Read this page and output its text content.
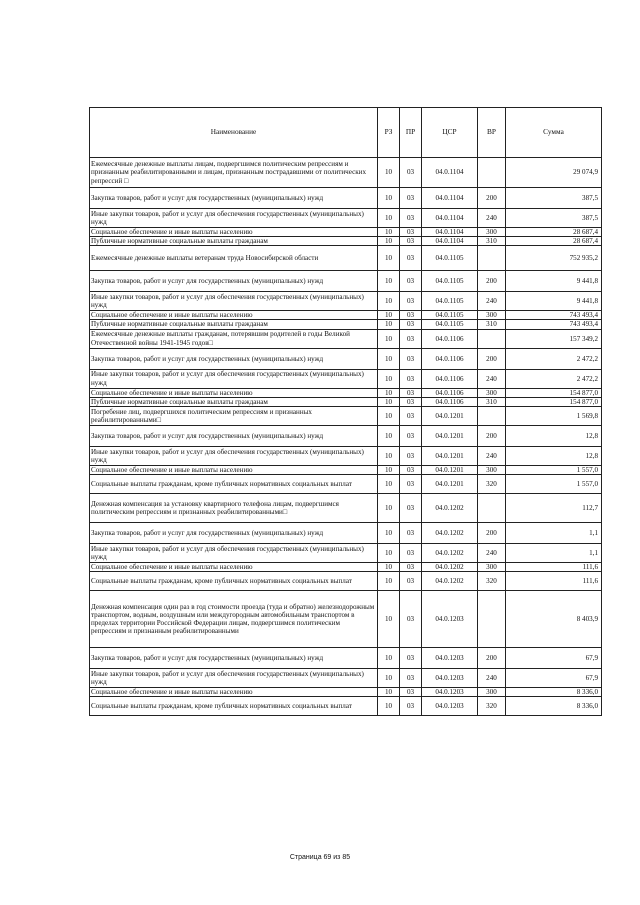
Наименование	РЗ	ПР	ЦСР	ВР	Сумма
Ежемесячные денежные выплаты лицам, подвергшимся политическим репрессиям и признанным реабилитированными и лицам, признанным пострадавшими от политических репрессий □	10	03	04.0.1104		29 074,9
Закупка товаров, работ и услуг для государственных (муниципальных) нужд	10	03	04.0.1104	200	387,5
Иные закупки товаров, работ и услуг для обеспечения государственных (муниципальных) нужд	10	03	04.0.1104	240	387,5
Социальное обеспечение и иные выплаты населению	10	03	04.0.1104	300	28 687,4
Публичные нормативные социальные выплаты гражданам	10	03	04.0.1104	310	28 687,4
Ежемесячные денежные выплаты ветеранам труда Новосибирской области	10	03	04.0.1105		752 935,2
Закупка товаров, работ и услуг для государственных (муниципальных) нужд	10	03	04.0.1105	200	9 441,8
Иные закупки товаров, работ и услуг для обеспечения государственных (муниципальных) нужд	10	03	04.0.1105	240	9 441,8
Социальное обеспечение и иные выплаты населению	10	03	04.0.1105	300	743 493,4
Публичные нормативные социальные выплаты гражданам	10	03	04.0.1105	310	743 493,4
Ежемесячные денежные выплаты гражданам, потерявшим родителей в годы Великой Отечественной войны 1941-1945 годов□	10	03	04.0.1106		157 349,2
Закупка товаров, работ и услуг для государственных (муниципальных) нужд	10	03	04.0.1106	200	2 472,2
Иные закупки товаров, работ и услуг для обеспечения государственных (муниципальных) нужд	10	03	04.0.1106	240	2 472,2
Социальное обеспечение и иные выплаты населению	10	03	04.0.1106	300	154 877,0
Публичные нормативные социальные выплаты гражданам	10	03	04.0.1106	310	154 877,0
Погребение лиц, подвергшихся политическим репрессиям и признанных реабилитированными□	10	03	04.0.1201		1 569,8
Закупка товаров, работ и услуг для государственных (муниципальных) нужд	10	03	04.0.1201	200	12,8
Иные закупки товаров, работ и услуг для обеспечения государственных (муниципальных) нужд	10	03	04.0.1201	240	12,8
Социальное обеспечение и иные выплаты населению	10	03	04.0.1201	300	1 557,0
Социальные выплаты гражданам, кроме публичных нормативных социальных выплат	10	03	04.0.1201	320	1 557,0
Денежная компенсация за установку квартирного телефона лицам, подвергшимся политическим репрессиям и признанных реабилитированными□	10	03	04.0.1202		112,7
Закупка товаров, работ и услуг для государственных (муниципальных) нужд	10	03	04.0.1202	200	1,1
Иные закупки товаров, работ и услуг для обеспечения государственных (муниципальных) нужд	10	03	04.0.1202	240	1,1
Социальное обеспечение и иные выплаты населению	10	03	04.0.1202	300	111,6
Социальные выплаты гражданам, кроме публичных нормативных социальных выплат	10	03	04.0.1202	320	111,6
Денежная компенсация один раз в год стоимости проезда (туда и обратно) железнодорожным транспортом, водным, воздушным или междугородным автомобильным транспортом в пределах территории Российской Федерации лицам, подвергшимся политическим репрессиям и признанным реабилитированными	10	03	04.0.1203		8 403,9
Закупка товаров, работ и услуг для государственных (муниципальных) нужд	10	03	04.0.1203	200	67,9
Иные закупки товаров, работ и услуг для обеспечения государственных (муниципальных) нужд	10	03	04.0.1203	240	67,9
Социальное обеспечение и иные выплаты населению	10	03	04.0.1203	300	8 336,0
Социальные выплаты гражданам, кроме публичных нормативных социальных выплат	10	03	04.0.1203	320	8 336,0
Страница 69 из 85
